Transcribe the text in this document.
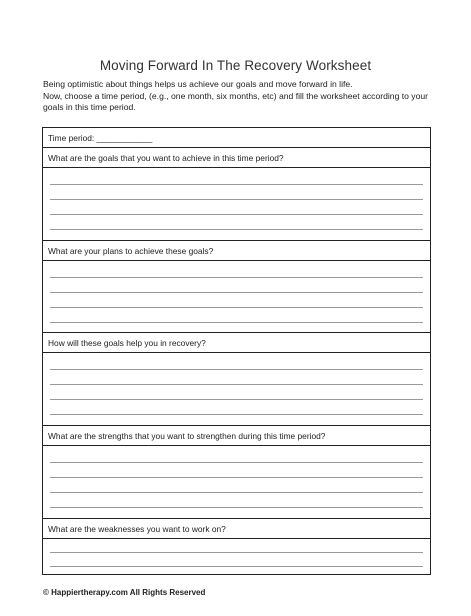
Moving Forward In The Recovery Worksheet

Being optimistic about things helps us achieve our goals and move forward in life.

Now, choose a time period, (e.g., one month, six months, etc) and fill the worksheet according to your goals in this time period.

Time period: ____________
What are the goals that you want to achieve in this time period?
What are your plans to achieve these goals?
How will these goals help you in recovery?
What are the strengths that you want to strengthen during this time period?
What are the weaknesses you want to work on?
© Happiertherapy.com All Rights Reserved
